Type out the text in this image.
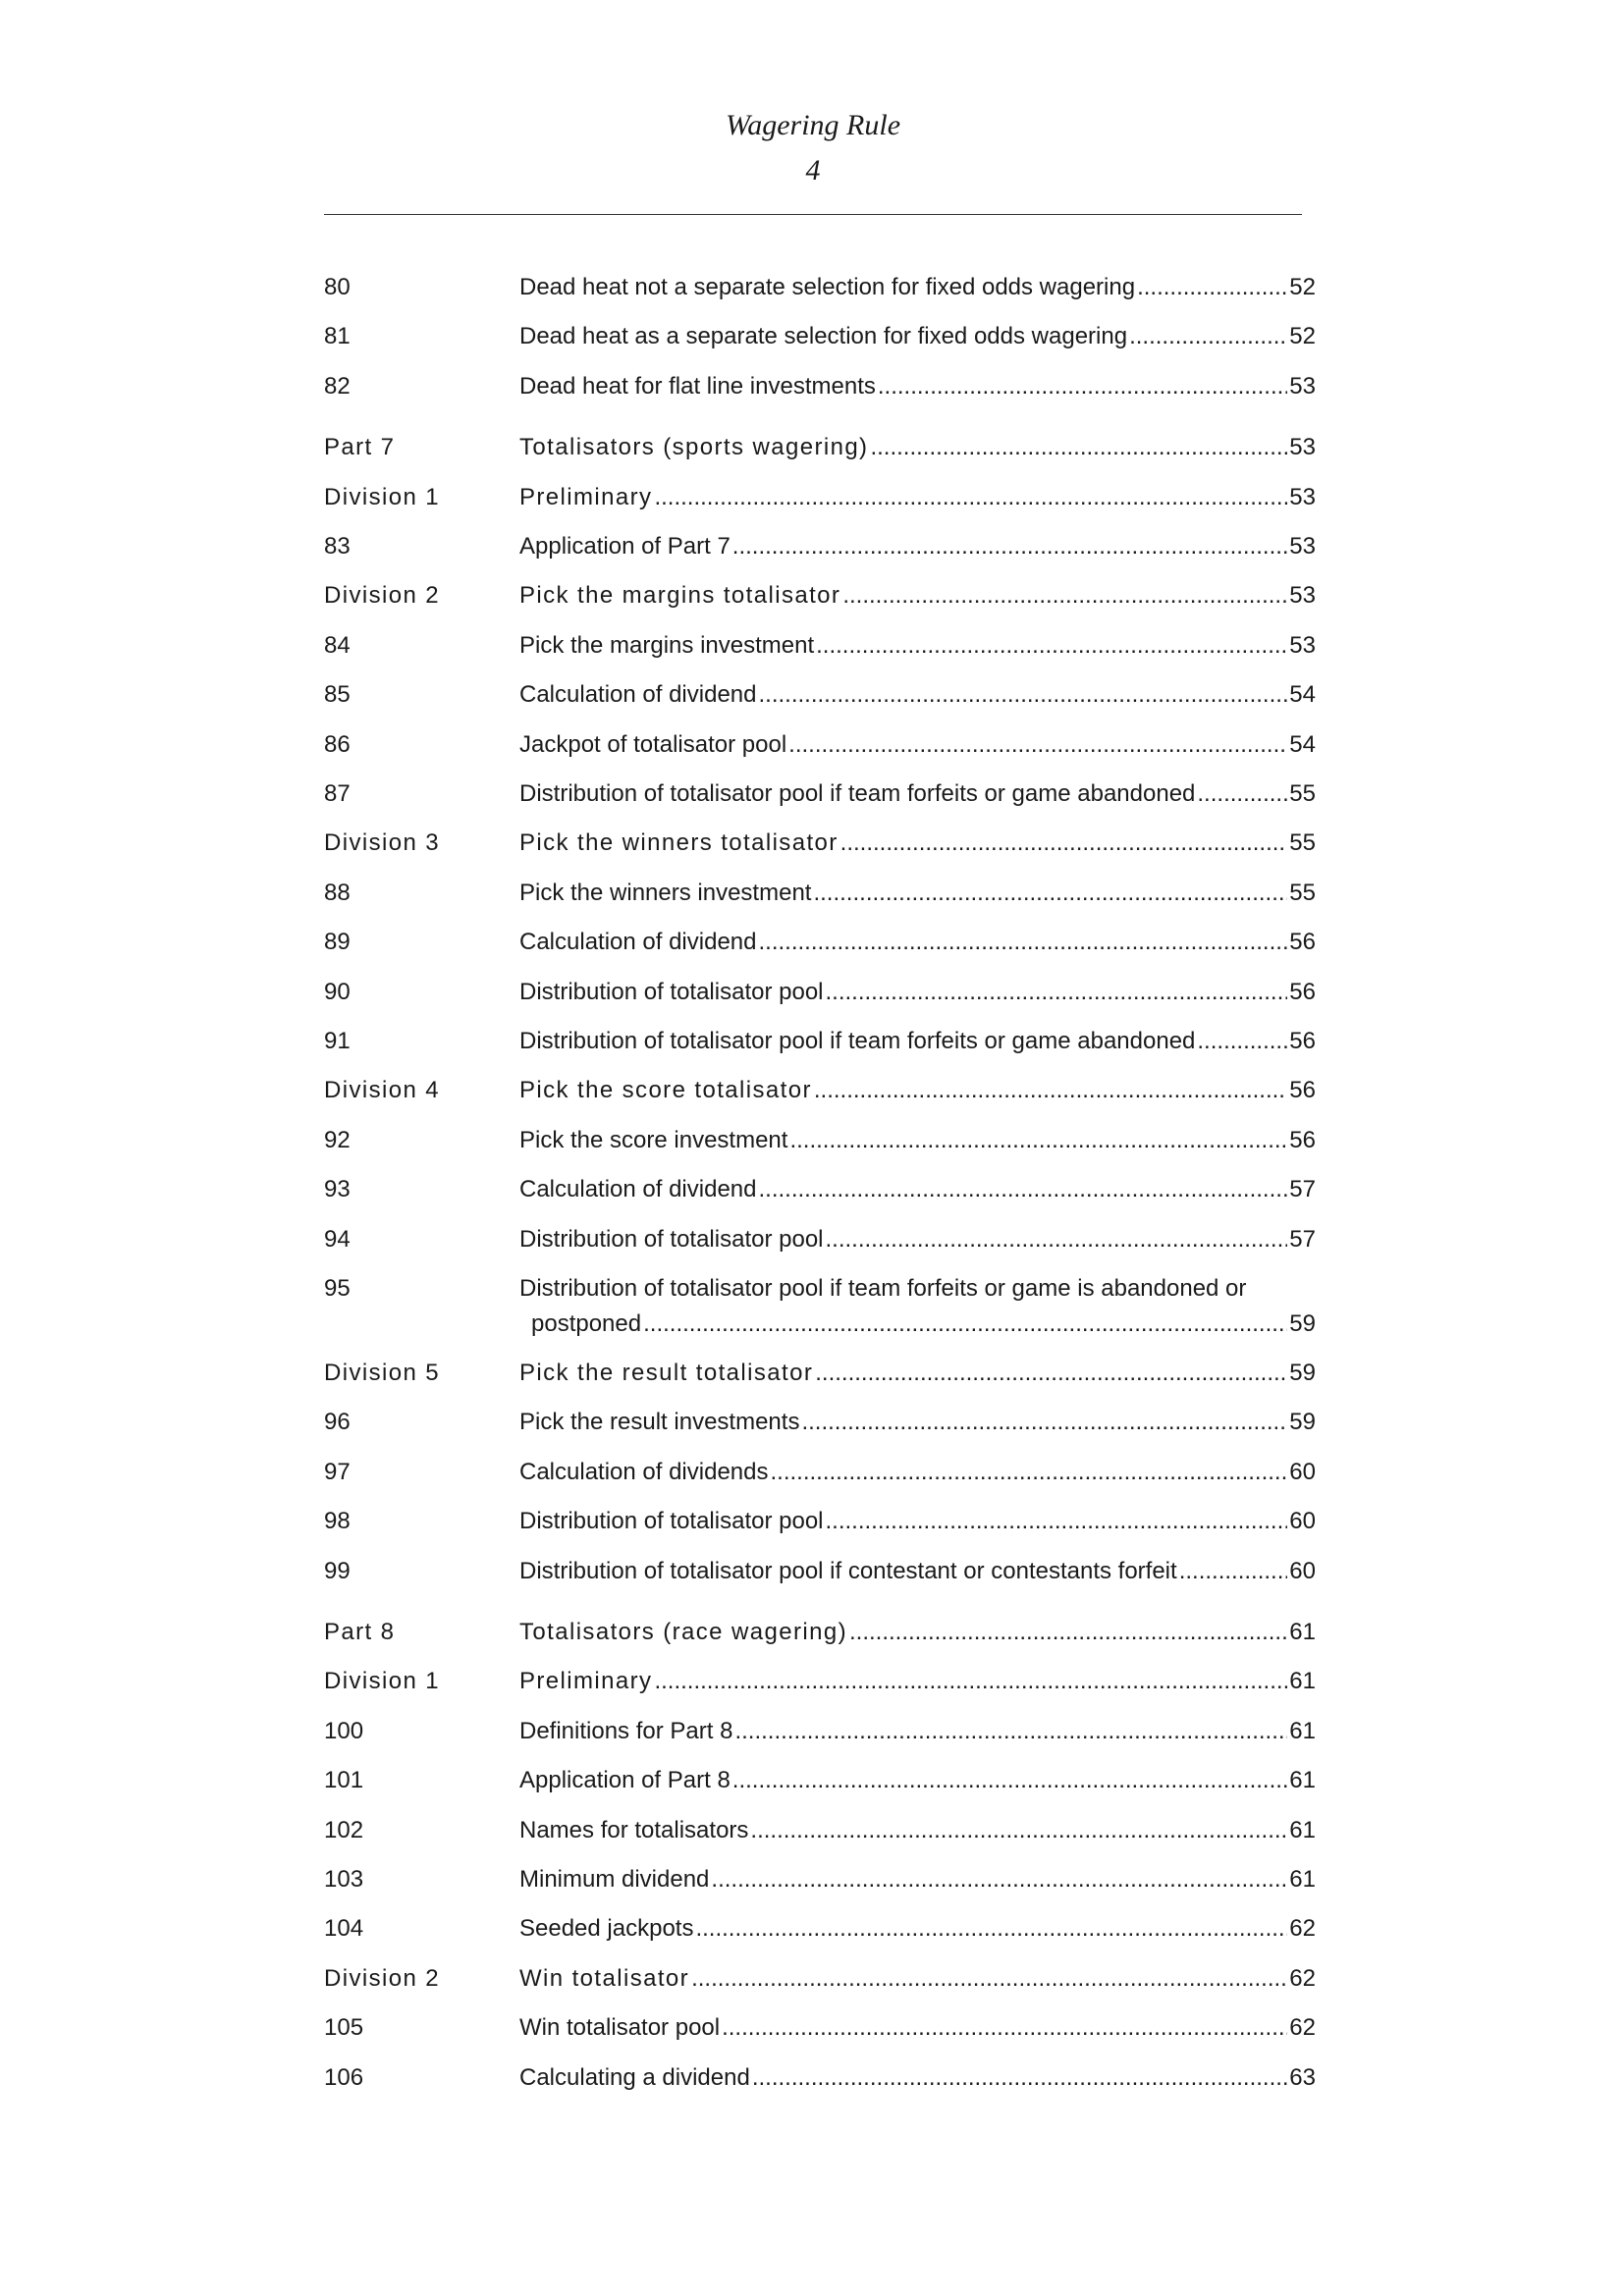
Wagering Rule
4
80	Dead heat not a separate selection for fixed odds wagering .....	52
81	Dead heat as a separate selection for fixed odds wagering .....	52
82	Dead heat for flat line investments .....	53
Part 7	Totalisators (sports wagering) .....	53
Division 1	Preliminary .....	53
83	Application of Part 7 .....	53
Division 2	Pick the margins totalisator .....	53
84	Pick the margins investment .....	53
85	Calculation of dividend .....	54
86	Jackpot of totalisator pool .....	54
87	Distribution of totalisator pool if team forfeits or game abandoned .....	55
Division 3	Pick the winners totalisator .....	55
88	Pick the winners investment .....	55
89	Calculation of dividend .....	56
90	Distribution of totalisator pool .....	56
91	Distribution of totalisator pool if team forfeits or game abandoned .....	56
Division 4	Pick the score totalisator .....	56
92	Pick the score investment .....	56
93	Calculation of dividend .....	57
94	Distribution of totalisator pool .....	57
95	Distribution of totalisator pool if team forfeits or game is abandoned or
postponed .....	59
Division 5	Pick the result totalisator .....	59
96	Pick the result investments .....	59
97	Calculation of dividends .....	60
98	Distribution of totalisator pool .....	60
99	Distribution of totalisator pool if contestant or contestants forfeit .....	60
Part 8	Totalisators (race wagering) .....	61
Division 1	Preliminary .....	61
100	Definitions for Part 8 .....	61
101	Application of Part 8 .....	61
102	Names for totalisators .....	61
103	Minimum dividend .....	61
104	Seeded jackpots .....	62
Division 2	Win totalisator .....	62
105	Win totalisator pool .....	62
106	Calculating a dividend .....	63
